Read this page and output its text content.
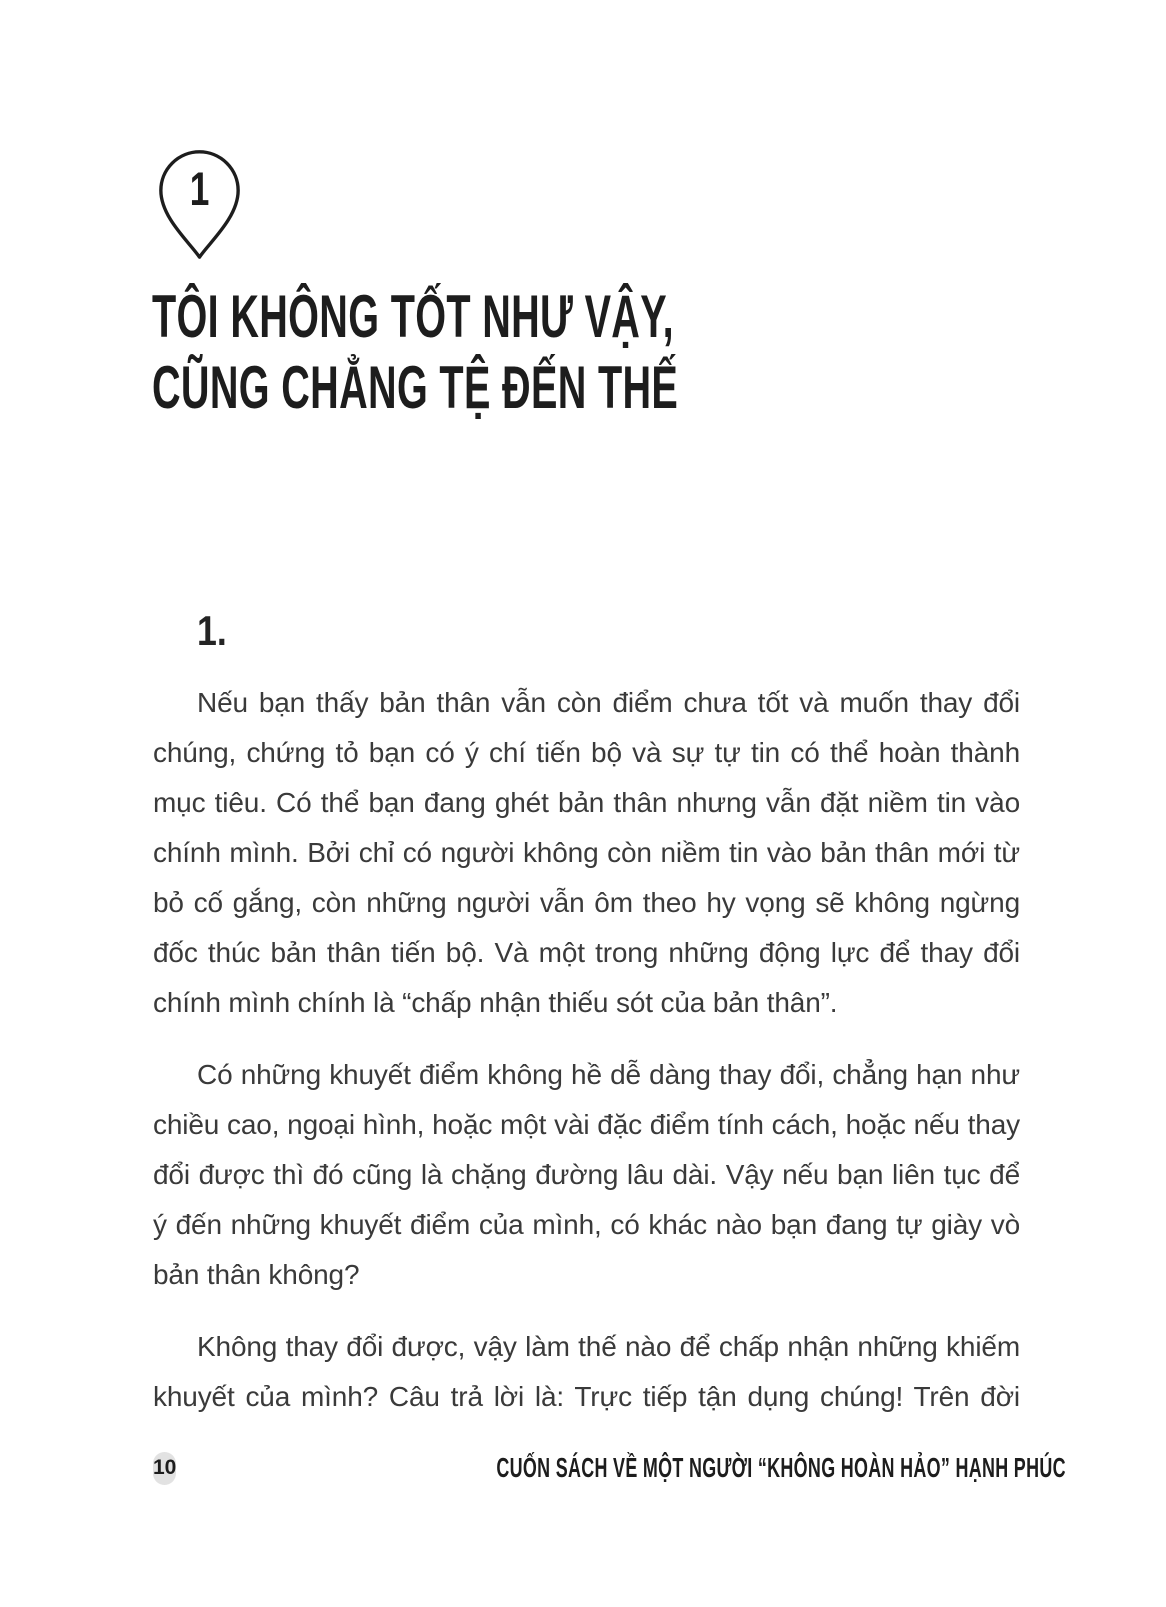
1
TÔI KHÔNG TỐT NHƯ VẬY,
CŨNG CHẲNG TỆ ĐẾN THẾ
1.

Nếu bạn thấy bản thân vẫn còn điểm chưa tốt và muốn thay đổi
chúng, chứng tỏ bạn có ý chí tiến bộ và sự tự tin có thể hoàn thành
mục tiêu. Có thể bạn đang ghét bản thân nhưng vẫn đặt niềm tin vào
chính mình. Bởi chỉ có người không còn niềm tin vào bản thân mới từ
bỏ cố gắng, còn những người vẫn ôm theo hy vọng sẽ không ngừng
đốc thúc bản thân tiến bộ. Và một trong những động lực để thay đổi
chính mình chính là “chấp nhận thiếu sót của bản thân”.

Có những khuyết điểm không hề dễ dàng thay đổi, chẳng hạn như
chiều cao, ngoại hình, hoặc một vài đặc điểm tính cách, hoặc nếu thay
đổi được thì đó cũng là chặng đường lâu dài. Vậy nếu bạn liên tục để
ý đến những khuyết điểm của mình, có khác nào bạn đang tự giày vò
bản thân không?

Không thay đổi được, vậy làm thế nào để chấp nhận những khiếm
khuyết của mình? Câu trả lời là: Trực tiếp tận dụng chúng! Trên đời

10	CUỐN SÁCH VỀ MỘT NGƯỜI “KHÔNG HOÀN HẢO” HẠNH PHÚC
